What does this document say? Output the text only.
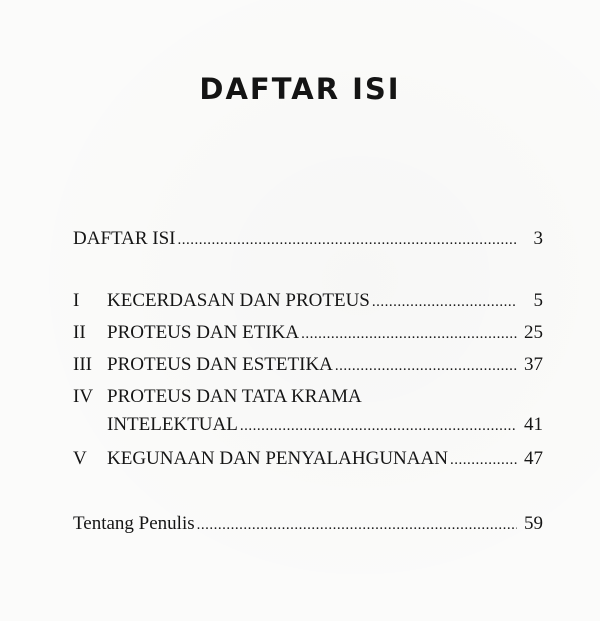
DAFTAR ISI
DAFTAR ISI .....	3
I	KECERDASAN DAN PROTEUS .....	5
II	PROTEUS DAN ETIKA .....	25
III PROTEUS DAN ESTETIKA .....	37
IV PROTEUS DAN TATA KRAMA
INTELEKTUAL .....	41
V	KEGUNAAN DAN PENYALAHGUNAAN .....	47
Tentang Penulis .....	59
